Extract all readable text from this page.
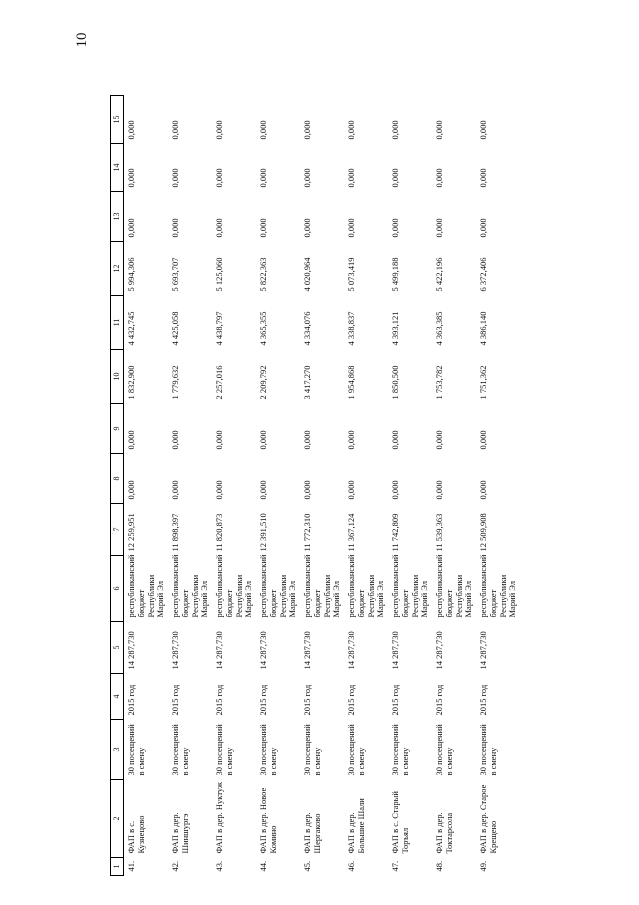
10
1	2	3	4	5	6	7	8	9	10	11	12	13	14	15
41.	ФАП в с. Кузнецово	30 посещений в смену	2015 год	14 287,730	республиканский бюджет Республики Марий Эл	12 259,951	0,000	0,000	1 832,900	4 432,745	5 994,306	0,000	0,000	0,000
42.	ФАП в дер. Шиншургэ	30 посещений в смену	2015 год	14 287,730	республиканский бюджет Республики Марий Эл	11 898,397	0,000	0,000	1 779,632	4 425,058	5 693,707	0,000	0,000	0,000
43.	ФАП в дер. Нуктуж	30 посещений в смену	2015 год	14 287,730	республиканский бюджет Республики Марий Эл	11 820,873	0,000	0,000	2 257,016	4 438,797	5 125,060	0,000	0,000	0,000
44.	ФАП в дер. Новое Комино	30 посещений в смену	2015 год	14 287,730	республиканский бюджет Республики Марий Эл	12 391,510	0,000	0,000	2 209,792	4 365,355	5 822,363	0,000	0,000	0,000
45.	ФАП в дер. Шергаково	30 посещений в смену	2015 год	14 287,730	республиканский бюджет Республики Марий Эл	11 772,310	0,000	0,000	3 417,270	4 334,076	4 020,964	0,000	0,000	0,000
46.	ФАП в дер. Большие Шали	30 посещений в смену	2015 год	14 287,730	республиканский бюджет Республики Марий Эл	11 367,124	0,000	0,000	1 954,868	4 338,837	5 073,419	0,000	0,000	0,000
47.	ФАП в с. Старый Торъял	30 посещений в смену	2015 год	14 287,730	республиканский бюджет Республики Марий Эл	11 742,809	0,000	0,000	1 850,500	4 393,121	5 499,188	0,000	0,000	0,000
48.	ФАП в дер. Токтарсола	30 посещений в смену	2015 год	14 287,730	республиканский бюджет Республики Марий Эл	11 539,363	0,000	0,000	1 753,782	4 363,385	5 422,196	0,000	0,000	0,000
49.	ФАП в дер. Старое Крещено	30 посещений в смену	2015 год	14 287,730	республиканский бюджет Республики Марий Эл	12 509,908	0,000	0,000	1 751,362	4 386,140	6 372,406	0,000	0,000	0,000
